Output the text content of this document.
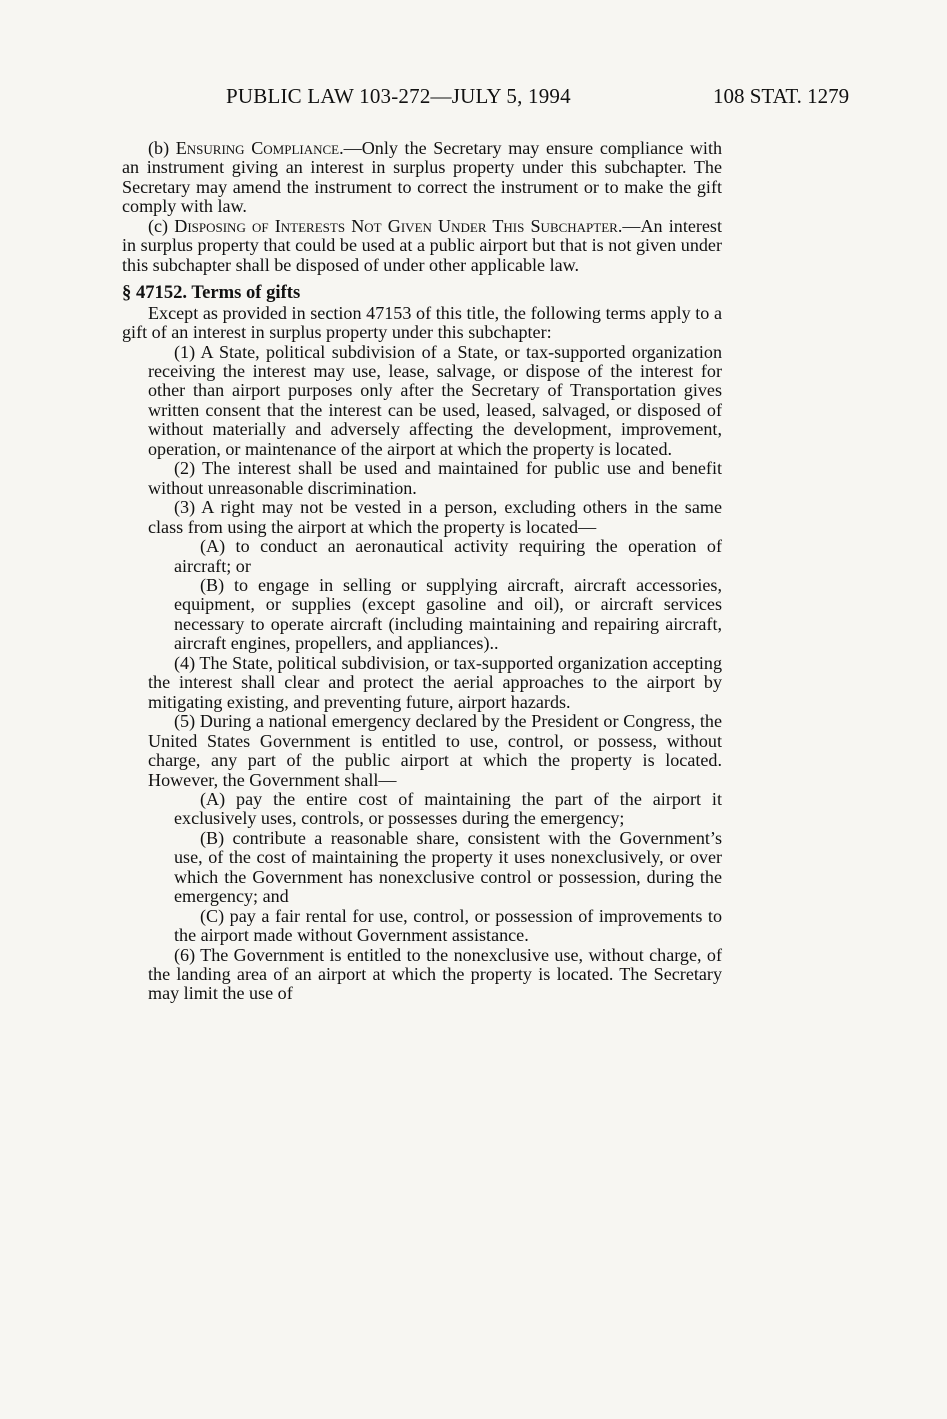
PUBLIC LAW 103-272—JULY 5, 1994	108 STAT. 1279

(b) Ensuring Compliance.—Only the Secretary may ensure compliance with an instrument giving an interest in surplus property under this subchapter. The Secretary may amend the instrument to correct the instrument or to make the gift comply with law.

(c) Disposing of Interests Not Given Under This Subchapter.—An interest in surplus property that could be used at a public airport but that is not given under this subchapter shall be disposed of under other applicable law.

§ 47152. Terms of gifts

Except as provided in section 47153 of this title, the following terms apply to a gift of an interest in surplus property under this subchapter:

(1) A State, political subdivision of a State, or tax-supported organization receiving the interest may use, lease, salvage, or dispose of the interest for other than airport purposes only after the Secretary of Transportation gives written consent that the interest can be used, leased, salvaged, or disposed of without materially and adversely affecting the development, improvement, operation, or maintenance of the airport at which the property is located.

(2) The interest shall be used and maintained for public use and benefit without unreasonable discrimination.

(3) A right may not be vested in a person, excluding others in the same class from using the airport at which the property is located—

(A) to conduct an aeronautical activity requiring the operation of aircraft; or

(B) to engage in selling or supplying aircraft, aircraft accessories, equipment, or supplies (except gasoline and oil), or aircraft services necessary to operate aircraft (including maintaining and repairing aircraft, aircraft engines, propellers, and appliances)..

(4) The State, political subdivision, or tax-supported organization accepting the interest shall clear and protect the aerial approaches to the airport by mitigating existing, and preventing future, airport hazards.

(5) During a national emergency declared by the President or Congress, the United States Government is entitled to use, control, or possess, without charge, any part of the public airport at which the property is located. However, the Government shall—

(A) pay the entire cost of maintaining the part of the airport it exclusively uses, controls, or possesses during the emergency;

(B) contribute a reasonable share, consistent with the Government’s use, of the cost of maintaining the property it uses nonexclusively, or over which the Government has nonexclusive control or possession, during the emergency; and

(C) pay a fair rental for use, control, or possession of improvements to the airport made without Government assistance.

(6) The Government is entitled to the nonexclusive use, without charge, of the landing area of an airport at which the property is located. The Secretary may limit the use of
